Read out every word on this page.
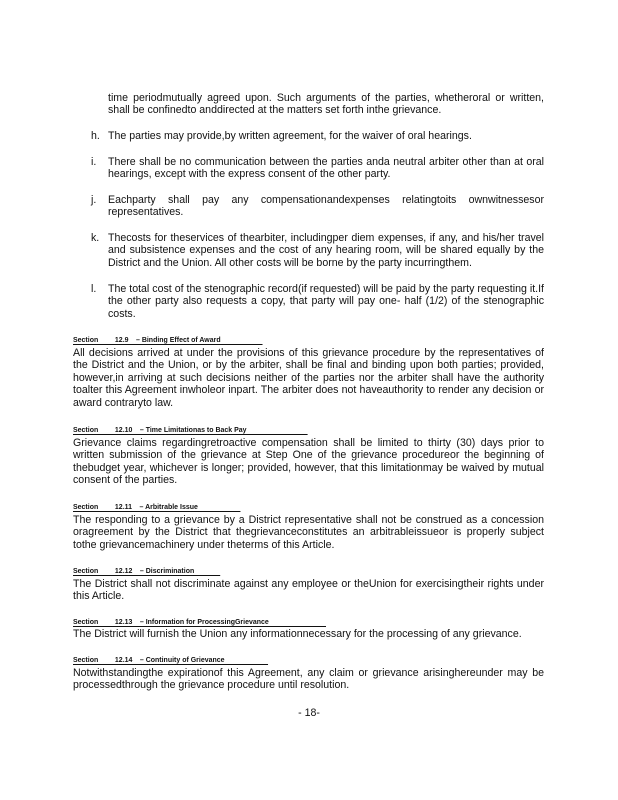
time periodmutually agreed upon. Such arguments of the parties, whetheroral or written, shall be confinedto anddirected at the matters set forth inthe grievance.

h. The parties may provide,by written agreement, for the waiver of oral hearings.
i. There shall be no communication between the parties anda neutral arbiter other than at oral hearings, except with the express consent of the other party.
j. Eachparty shall pay any compensationandexpenses relatingtoits ownwitnessesor representatives.
k. Thecosts for theservices of thearbiter, includingper diem expenses, if any, and his/her travel and subsistence expenses and the cost of any hearing room, will be shared equally by the District and the Union. All other costs will be borne by the party incurringthem.
l. The total cost of the stenographic record(if requested) will be paid by the party requesting it.If the other party also requests a copy, that party will pay one- half (1/2) of the stenographic costs.
Section 12.9 – Binding Effect of Award
All decisions arrived at under the provisions of this grievance procedure by the representatives of the District and the Union, or by the arbiter, shall be final and binding upon both parties; provided, however,in arriving at such decisions neither of the parties nor the arbiter shall have the authority toalter this Agreement inwholeor inpart. The arbiter does not haveauthority to render any decision or award contraryto law.
Section 12.10 – Time Limitationas to Back Pay
Grievance claims regardingretroactive compensation shall be limited to thirty (30) days prior to written submission of the grievance at Step One of the grievance procedureor the beginning of thebudget year, whichever is longer; provided, however, that this limitationmay be waived by mutual consent of the parties.
Section 12.11 – Arbitrable Issue
The responding to a grievance by a District representative shall not be construed as a concession oragreement by the District that thegrievanceconstitutes an arbitrableissueor is properly subject tothe grievancemachinery under theterms of this Article.
Section 12.12 – Discrimination
The District shall not discriminate against any employee or theUnion for exercisingtheir rights under this Article.
Section 12.13 – Information for ProcessingGrievance
The District will furnish the Union any informationnecessary for the processing of any grievance.
Section 12.14 – Continuity of Grievance
Notwithstandingthe expirationof this Agreement, any claim or grievance arisinghereunder may be processedthrough the grievance procedure until resolution.
- 18-
